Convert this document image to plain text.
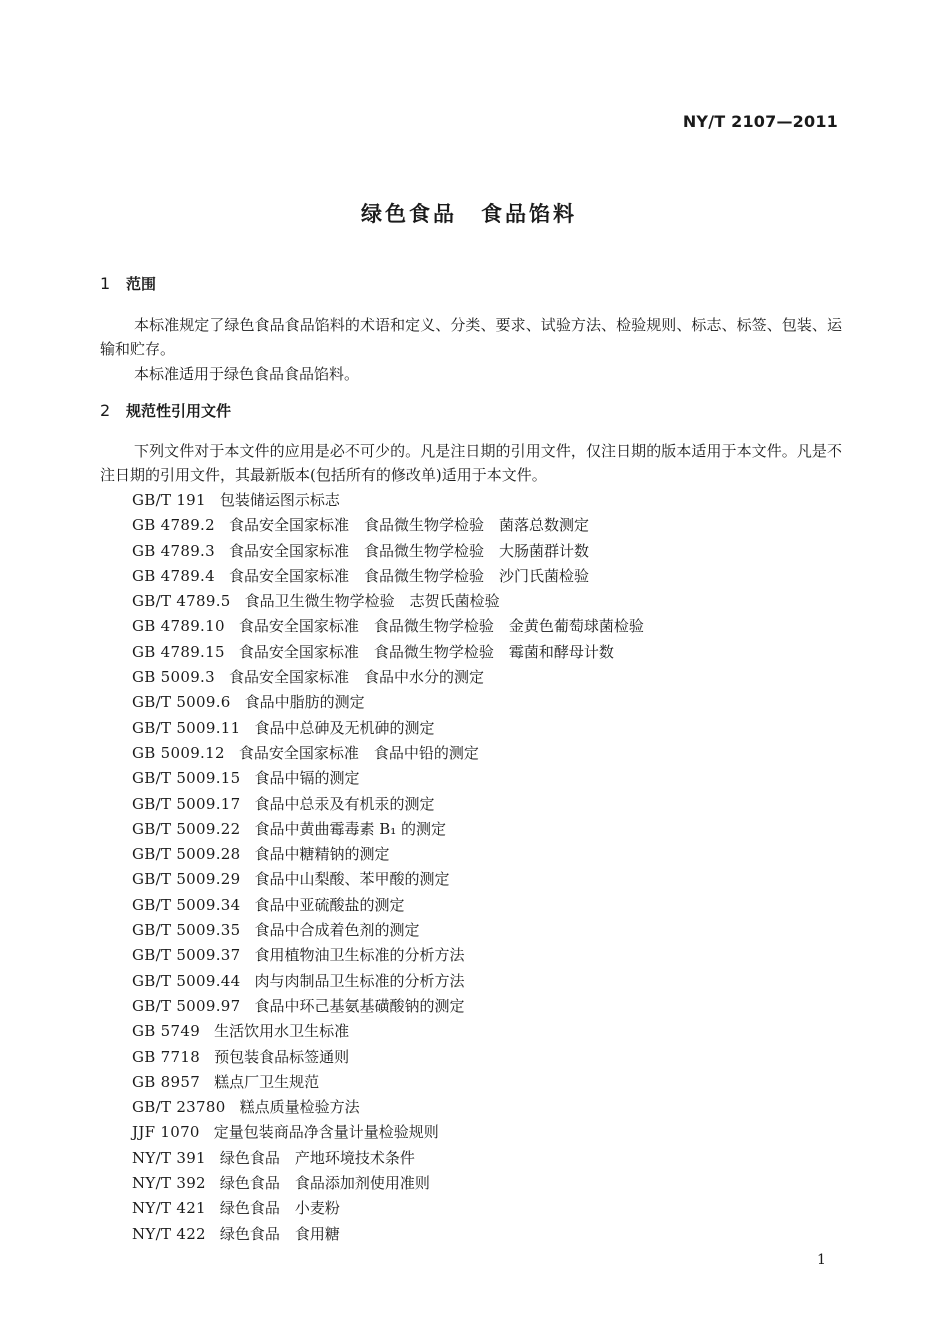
NY/T 2107—2011
绿色食品　食品馅料
1	范围
本标准规定了绿色食品食品馅料的术语和定义、分类、要求、试验方法、检验规则、标志、标签、包装、运输和贮存。
本标准适用于绿色食品食品馅料。
2	规范性引用文件
下列文件对于本文件的应用是必不可少的。凡是注日期的引用文件，仅注日期的版本适用于本文件。凡是不注日期的引用文件，其最新版本(包括所有的修改单)适用于本文件。
GB/T 191 包装储运图示标志
GB 4789.2 食品安全国家标准　食品微生物学检验　菌落总数测定
GB 4789.3 食品安全国家标准　食品微生物学检验　大肠菌群计数
GB 4789.4 食品安全国家标准　食品微生物学检验　沙门氏菌检验
GB/T 4789.5 食品卫生微生物学检验　志贺氏菌检验
GB 4789.10 食品安全国家标准　食品微生物学检验　金黄色葡萄球菌检验
GB 4789.15 食品安全国家标准　食品微生物学检验　霉菌和酵母计数
GB 5009.3 食品安全国家标准　食品中水分的测定
GB/T 5009.6 食品中脂肪的测定
GB/T 5009.11 食品中总砷及无机砷的测定
GB 5009.12 食品安全国家标准　食品中铅的测定
GB/T 5009.15 食品中镉的测定
GB/T 5009.17 食品中总汞及有机汞的测定
GB/T 5009.22 食品中黄曲霉毒素 B₁ 的测定
GB/T 5009.28 食品中糖精钠的测定
GB/T 5009.29 食品中山梨酸、苯甲酸的测定
GB/T 5009.34 食品中亚硫酸盐的测定
GB/T 5009.35 食品中合成着色剂的测定
GB/T 5009.37 食用植物油卫生标准的分析方法
GB/T 5009.44 肉与肉制品卫生标准的分析方法
GB/T 5009.97 食品中环己基氨基磺酸钠的测定
GB 5749 生活饮用水卫生标准
GB 7718 预包装食品标签通则
GB 8957 糕点厂卫生规范
GB/T 23780 糕点质量检验方法
JJF 1070 定量包装商品净含量计量检验规则
NY/T 391 绿色食品　产地环境技术条件
NY/T 392 绿色食品　食品添加剂使用准则
NY/T 421 绿色食品　小麦粉
NY/T 422 绿色食品　食用糖
1
